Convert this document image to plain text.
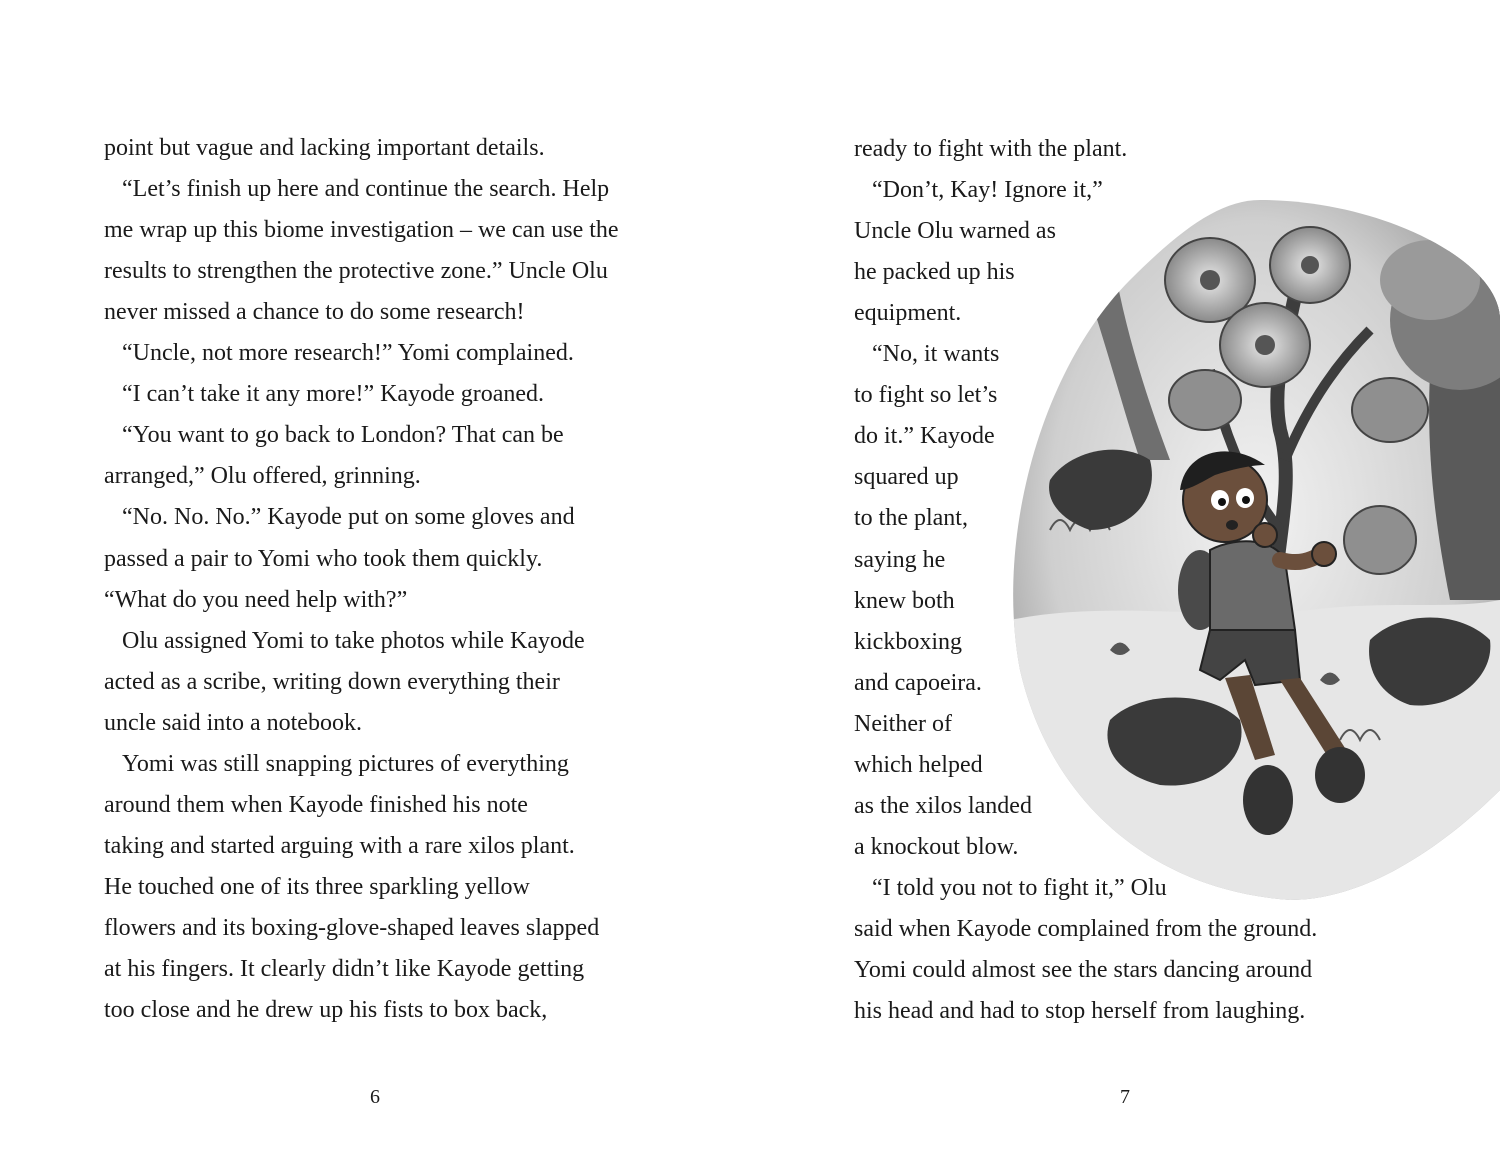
point but vague and lacking important details.
“Let’s finish up here and continue the search. Help
me wrap up this biome investigation – we can use the
results to strengthen the protective zone.” Uncle Olu
never missed a chance to do some research!
“Uncle, not more research!” Yomi complained.
“I can’t take it any more!” Kayode groaned.
“You want to go back to London? That can be
arranged,” Olu offered, grinning.
“No. No. No.” Kayode put on some gloves and
passed a pair to Yomi who took them quickly.
“What do you need help with?”
Olu assigned Yomi to take photos while Kayode
acted as a scribe, writing down everything their
uncle said into a notebook.
Yomi was still snapping pictures of everything
around them when Kayode finished his note
taking and started arguing with a rare xilos plant.
He touched one of its three sparkling yellow
flowers and its boxing-glove-shaped leaves slapped
at his fingers. It clearly didn’t like Kayode getting
too close and he drew up his fists to box back,
6
ready to fight with the plant.
“Don’t, Kay! Ignore it,”
Uncle Olu warned as
he packed up his
equipment.
“No, it wants
to fight so let’s
do it.” Kayode
squared up
to the plant,
saying he
knew both
kickboxing
and capoeira.
Neither of
which helped
as the xilos landed
a knockout blow.
“I told you not to fight it,” Olu
said when Kayode complained from the ground.
Yomi could almost see the stars dancing around
his head and had to stop herself from laughing.
7
